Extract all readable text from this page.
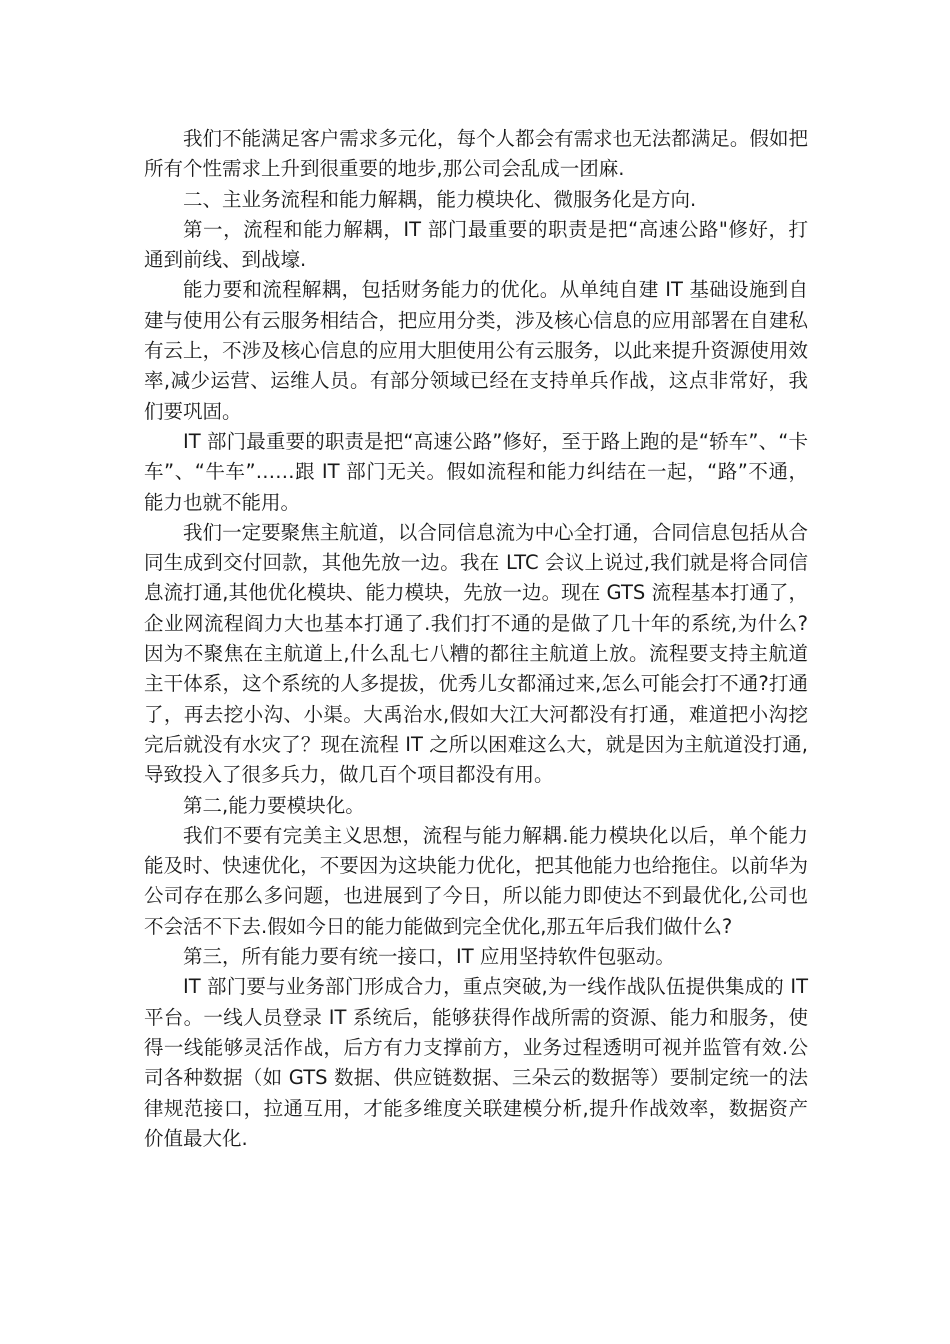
我们不能满足客户需求多元化，每个人都会有需求也无法都满足。假如把所有个性需求上升到很重要的地步,那公司会乱成一团麻.

二、主业务流程和能力解耦，能力模块化、微服务化是方向.

第一，流程和能力解耦，IT 部门最重要的职责是把“高速公路"修好，打通到前线、到战壕.

能力要和流程解耦，包括财务能力的优化。从单纯自建 IT 基础设施到自建与使用公有云服务相结合，把应用分类，涉及核心信息的应用部署在自建私有云上，不涉及核心信息的应用大胆使用公有云服务，以此来提升资源使用效率,减少运营、运维人员。有部分领域已经在支持单兵作战，这点非常好，我们要巩固。

IT 部门最重要的职责是把“高速公路”修好，至于路上跑的是“轿车”、“卡车”、“牛车”……跟 IT 部门无关。假如流程和能力纠结在一起，“路”不通，能力也就不能用。

我们一定要聚焦主航道，以合同信息流为中心全打通，合同信息包括从合同生成到交付回款，其他先放一边。我在 LTC 会议上说过,我们就是将合同信息流打通,其他优化模块、能力模块，先放一边。现在 GTS 流程基本打通了，企业网流程阎力大也基本打通了.我们打不通的是做了几十年的系统,为什么?因为不聚焦在主航道上,什么乱七八糟的都往主航道上放。流程要支持主航道主干体系，这个系统的人多提拔，优秀儿女都涌过来,怎么可能会打不通?打通了，再去挖小沟、小渠。大禹治水,假如大江大河都没有打通，难道把小沟挖完后就没有水灾了？现在流程 IT 之所以困难这么大，就是因为主航道没打通,导致投入了很多兵力，做几百个项目都没有用。

第二,能力要模块化。

我们不要有完美主义思想，流程与能力解耦.能力模块化以后，单个能力能及时、快速优化，不要因为这块能力优化，把其他能力也给拖住。以前华为公司存在那么多问题，也进展到了今日，所以能力即使达不到最优化,公司也不会活不下去.假如今日的能力能做到完全优化,那五年后我们做什么?

第三，所有能力要有统一接口，IT 应用坚持软件包驱动。

IT 部门要与业务部门形成合力，重点突破,为一线作战队伍提供集成的 IT 平台。一线人员登录 IT 系统后，能够获得作战所需的资源、能力和服务，使得一线能够灵活作战，后方有力支撑前方，业务过程透明可视并监管有效.公司各种数据（如 GTS 数据、供应链数据、三朵云的数据等）要制定统一的法律规范接口，拉通互用，才能多维度关联建模分析,提升作战效率，数据资产价值最大化.
